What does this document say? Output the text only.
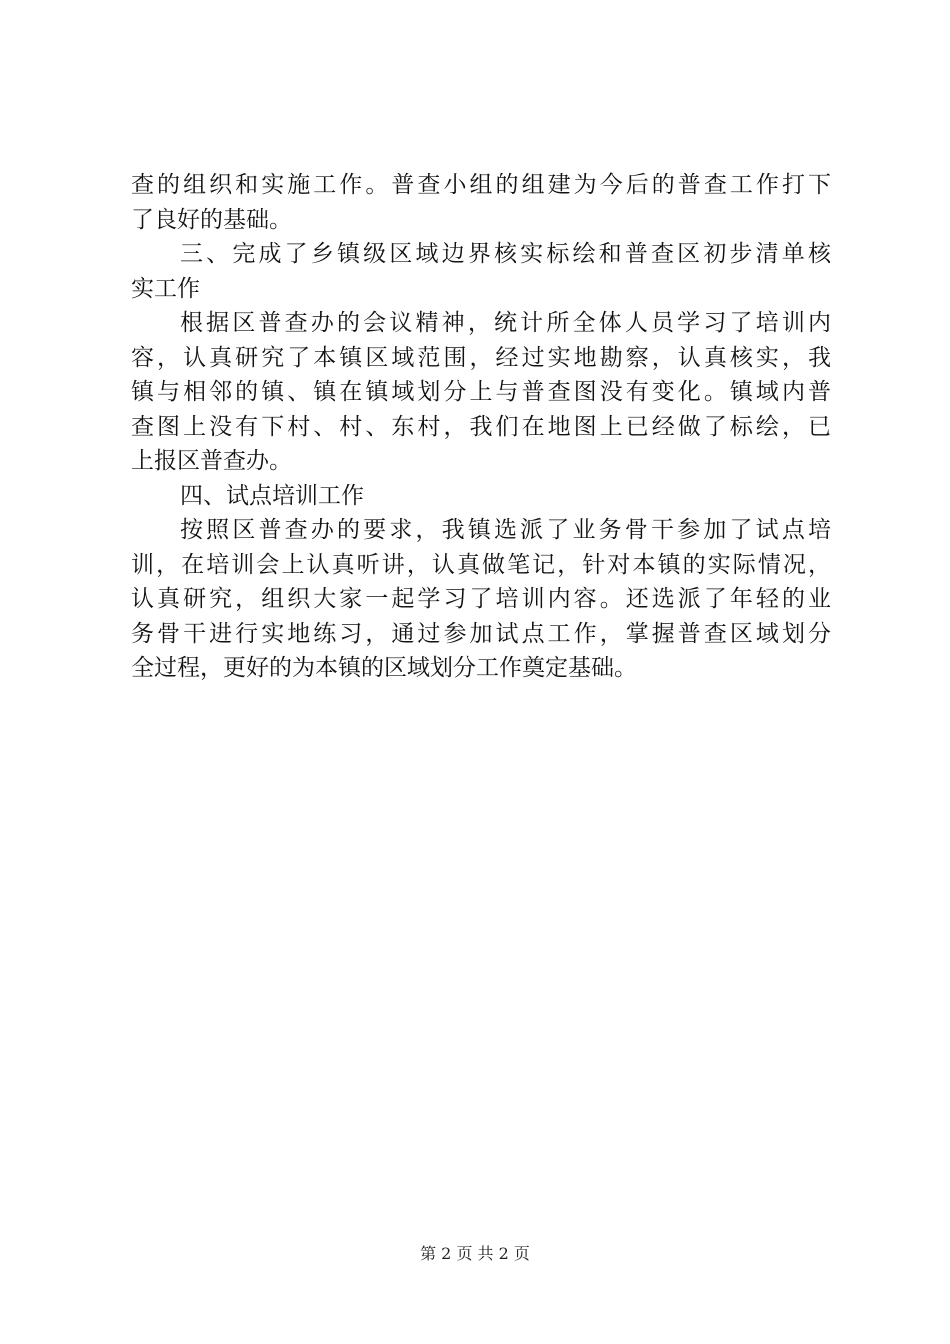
查的组织和实施工作。普查小组的组建为今后的普查工作打下
了良好的基础。
三、完成了乡镇级区域边界核实标绘和普查区初步清单核
实工作
根据区普查办的会议精神，统计所全体人员学习了培训内
容，认真研究了本镇区域范围，经过实地勘察，认真核实，我
镇与相邻的镇、镇在镇域划分上与普查图没有变化。镇域内普
查图上没有下村、村、东村，我们在地图上已经做了标绘，已
上报区普查办。
四、试点培训工作
按照区普查办的要求，我镇选派了业务骨干参加了试点培
训，在培训会上认真听讲，认真做笔记，针对本镇的实际情况，
认真研究，组织大家一起学习了培训内容。还选派了年轻的业
务骨干进行实地练习，通过参加试点工作，掌握普查区域划分
全过程，更好的为本镇的区域划分工作奠定基础。
第 2 页 共 2 页
